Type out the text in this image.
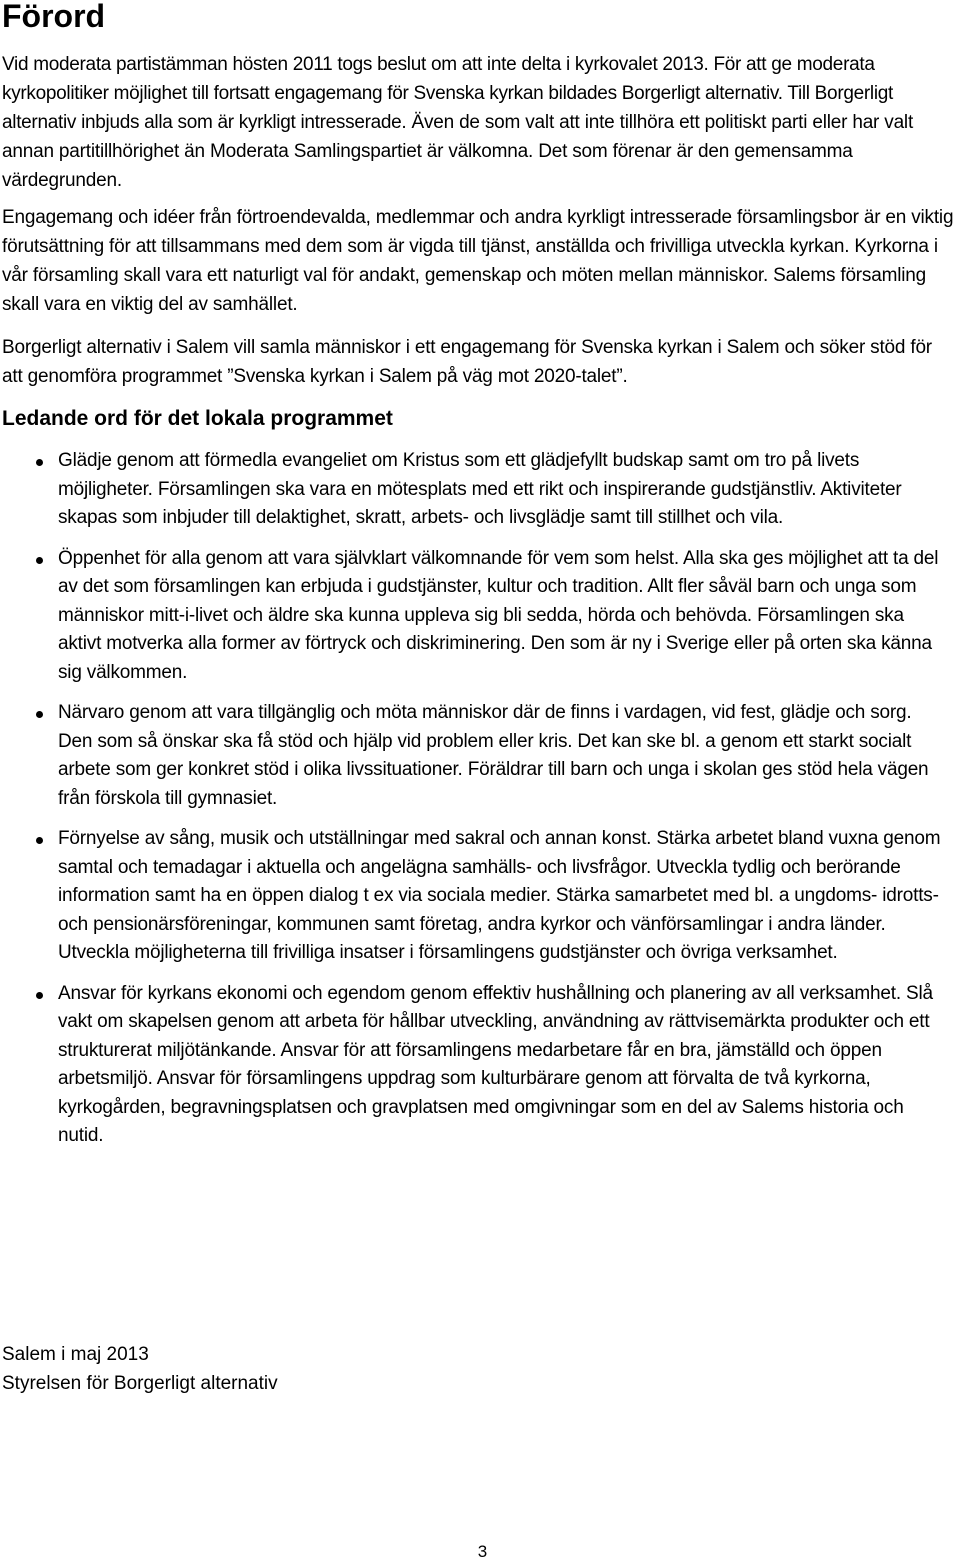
Förord

Vid moderata partistämman hösten 2011 togs beslut om att inte delta i kyrkovalet 2013. För att ge moderata kyrkopolitiker möjlighet till fortsatt engagemang för Svenska kyrkan bildades Borgerligt alternativ. Till Borgerligt alternativ inbjuds alla som är kyrkligt intresserade. Även de som valt att inte tillhöra ett politiskt parti eller har valt annan partitillhörighet än Moderata Samlingspartiet är välkomna. Det som förenar är den gemensamma värdegrunden.

Engagemang och idéer från förtroendevalda, medlemmar och andra kyrkligt intresserade församlingsbor är en viktig förutsättning för att tillsammans med dem som är vigda till tjänst, anställda och frivilliga utveckla kyrkan. Kyrkorna i vår församling skall vara ett naturligt val för andakt, gemenskap och möten mellan människor. Salems församling skall vara en viktig del av samhället.

Borgerligt alternativ i Salem vill samla människor i ett engagemang för Svenska kyrkan i Salem och söker stöd för att genomföra programmet ”Svenska kyrkan i Salem på väg mot 2020-talet”.

Ledande ord för det lokala programmet
Glädje genom att förmedla evangeliet om Kristus som ett glädjefyllt budskap samt om tro på livets möjligheter. Församlingen ska vara en mötesplats med ett rikt och inspirerande gudstjänstliv. Aktiviteter skapas som inbjuder till delaktighet, skratt, arbets- och livsglädje samt till stillhet och vila.
Öppenhet för alla genom att vara självklart välkomnande för vem som helst. Alla ska ges möjlighet att ta del av det som församlingen kan erbjuda i gudstjänster, kultur och tradition. Allt fler såväl barn och unga som människor mitt-i-livet och äldre ska kunna uppleva sig bli sedda, hörda och behövda. Församlingen ska aktivt motverka alla former av förtryck och diskriminering. Den som är ny i Sverige eller på orten ska känna sig välkommen.
Närvaro genom att vara tillgänglig och möta människor där de finns i vardagen, vid fest, glädje och sorg. Den som så önskar ska få stöd och hjälp vid problem eller kris. Det kan ske bl. a genom ett starkt socialt arbete som ger konkret stöd i olika livssituationer. Föräldrar till barn och unga i skolan ges stöd hela vägen från förskola till gymnasiet.
Förnyelse av sång, musik och utställningar med sakral och annan konst. Stärka arbetet bland vuxna genom samtal och temadagar i aktuella och angelägna samhälls- och livsfrågor. Utveckla tydlig och berörande information samt ha en öppen dialog t ex via sociala medier. Stärka samarbetet med bl. a ungdoms- idrotts- och pensionärsföreningar, kommunen samt företag, andra kyrkor och vänförsamlingar i andra länder. Utveckla möjligheterna till frivilliga insatser i församlingens gudstjänster och övriga verksamhet.
Ansvar för kyrkans ekonomi och egendom genom effektiv hushållning och planering av all verksamhet. Slå vakt om skapelsen genom att arbeta för hållbar utveckling, användning av rättvisemärkta produkter och ett strukturerat miljötänkande. Ansvar för att församlingens medarbetare får en bra, jämställd och öppen arbetsmiljö. Ansvar för församlingens uppdrag som kulturbärare genom att förvalta de två kyrkorna, kyrkogården, begravningsplatsen och gravplatsen med omgivningar som en del av Salems historia och nutid.
Salem i maj 2013
Styrelsen för Borgerligt alternativ
3
